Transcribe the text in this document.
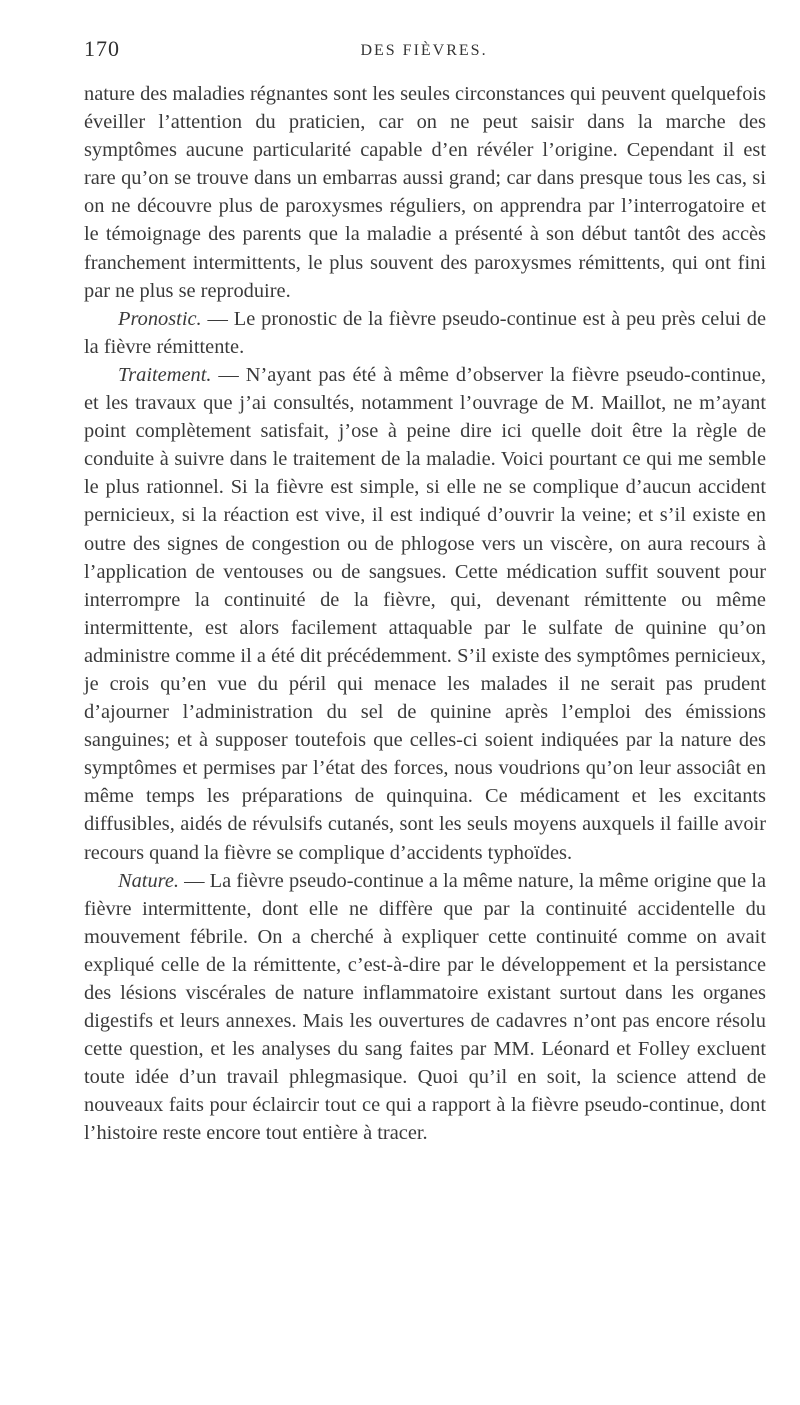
170	DES FIÈVRES.

nature des maladies régnantes sont les seules circonstances qui peuvent quelquefois éveiller l’attention du praticien, car on ne peut saisir dans la marche des symptômes aucune particularité capable d’en révéler l’origine. Cependant il est rare qu’on se trouve dans un embarras aussi grand; car dans presque tous les cas, si on ne découvre plus de paroxysmes réguliers, on apprendra par l’interrogatoire et le témoignage des parents que la maladie a présenté à son début tantôt des accès franchement intermittents, le plus souvent des paroxysmes rémittents, qui ont fini par ne plus se reproduire.

Pronostic. — Le pronostic de la fièvre pseudo-continue est à peu près celui de la fièvre rémittente.

Traitement. — N’ayant pas été à même d’observer la fièvre pseudo-continue, et les travaux que j’ai consultés, notamment l’ouvrage de M. Maillot, ne m’ayant point complètement satisfait, j’ose à peine dire ici quelle doit être la règle de conduite à suivre dans le traitement de la maladie. Voici pourtant ce qui me semble le plus rationnel. Si la fièvre est simple, si elle ne se complique d’aucun accident pernicieux, si la réaction est vive, il est indiqué d’ouvrir la veine; et s’il existe en outre des signes de congestion ou de phlogose vers un viscère, on aura recours à l’application de ventouses ou de sangsues. Cette médication suffit souvent pour interrompre la continuité de la fièvre, qui, devenant rémittente ou même intermittente, est alors facilement attaquable par le sulfate de quinine qu’on administre comme il a été dit précédemment. S’il existe des symptômes pernicieux, je crois qu’en vue du péril qui menace les malades il ne serait pas prudent d’ajourner l’administration du sel de quinine après l’emploi des émissions sanguines; et à supposer toutefois que celles-ci soient indiquées par la nature des symptômes et permises par l’état des forces, nous voudrions qu’on leur associât en même temps les préparations de quinquina. Ce médicament et les excitants diffusibles, aidés de révulsifs cutanés, sont les seuls moyens auxquels il faille avoir recours quand la fièvre se complique d’accidents typhoïdes.

Nature. — La fièvre pseudo-continue a la même nature, la même origine que la fièvre intermittente, dont elle ne diffère que par la continuité accidentelle du mouvement fébrile. On a cherché à expliquer cette continuité comme on avait expliqué celle de la rémittente, c’est-à-dire par le développement et la persistance des lésions viscérales de nature inflammatoire existant surtout dans les organes digestifs et leurs annexes. Mais les ouvertures de cadavres n’ont pas encore résolu cette question, et les analyses du sang faites par MM. Léonard et Folley excluent toute idée d’un travail phlegmasique. Quoi qu’il en soit, la science attend de nouveaux faits pour éclaircir tout ce qui a rapport à la fièvre pseudo-continue, dont l’histoire reste encore tout entière à tracer.
